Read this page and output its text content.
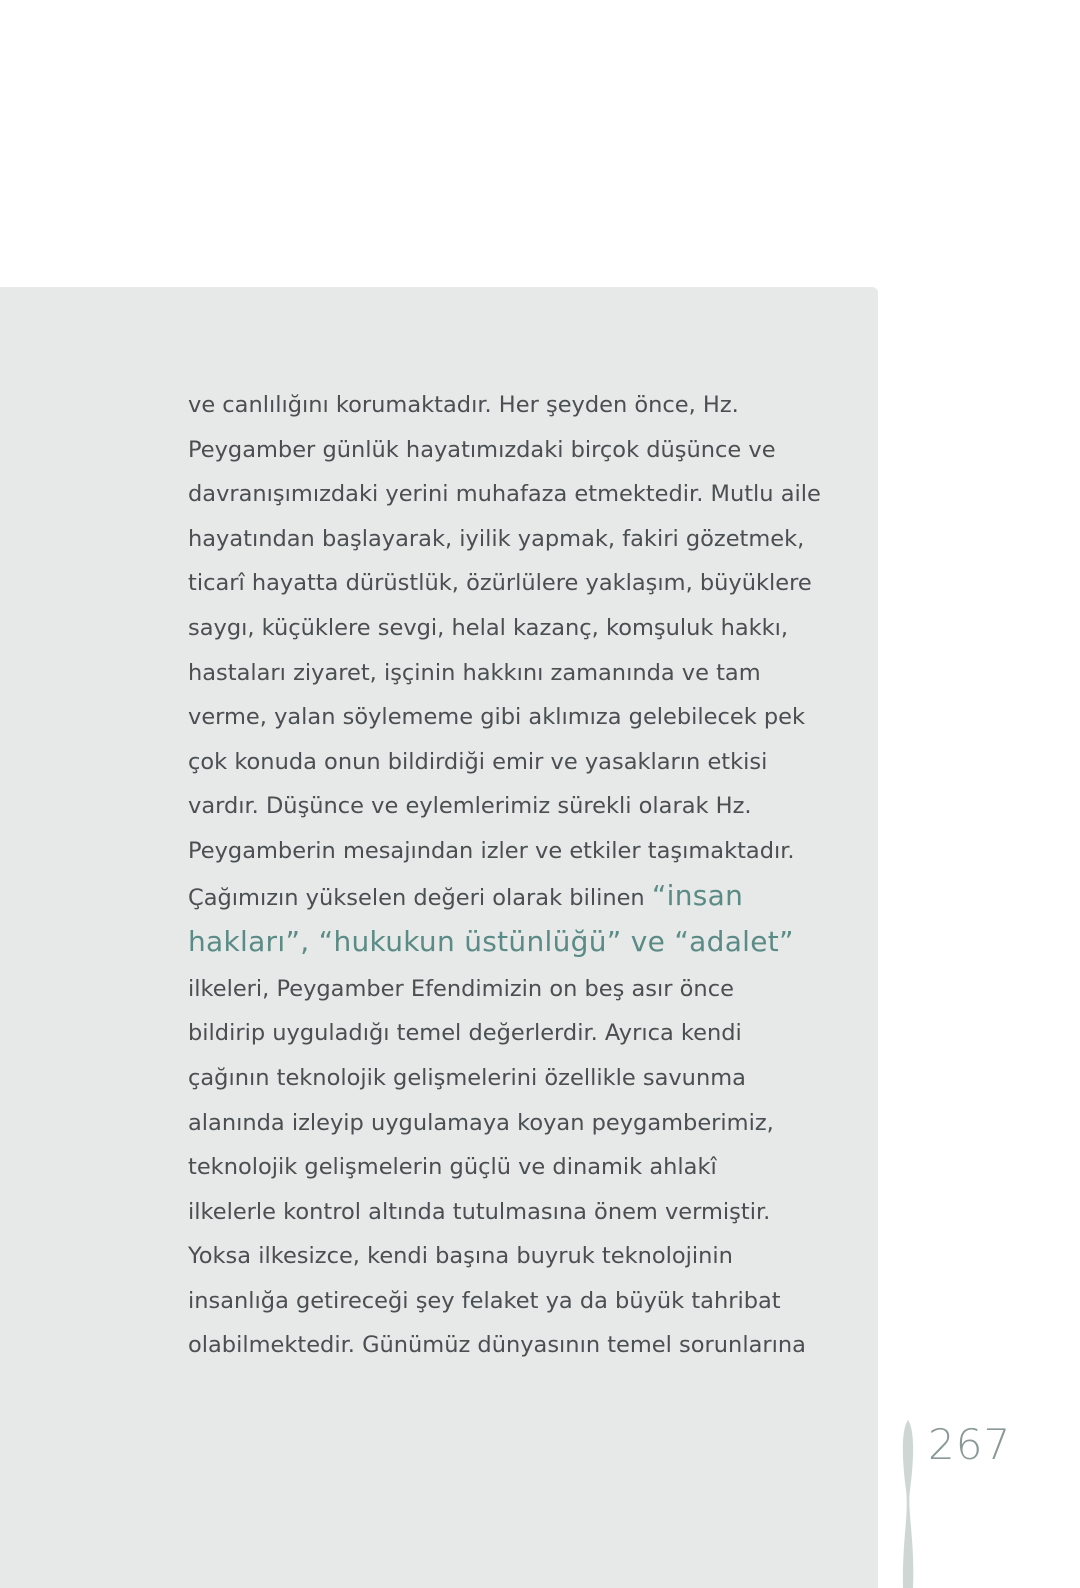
ve canlılığını korumaktadır. Her şeyden önce, Hz.
Peygamber günlük hayatımızdaki birçok düşünce ve
davranışımızdaki yerini muhafaza etmektedir. Mutlu aile
hayatından başlayarak, iyilik yapmak, fakiri gözetmek,
ticarî hayatta dürüstlük, özürlülere yaklaşım, büyüklere
saygı, küçüklere sevgi, helal kazanç, komşuluk hakkı,
hastaları ziyaret, işçinin hakkını zamanında ve tam
verme, yalan söylememe gibi aklımıza gelebilecek pek
çok konuda onun bildirdiği emir ve yasakların etkisi
vardır. Düşünce ve eylemlerimiz sürekli olarak Hz.
Peygamberin mesajından izler ve etkiler taşımaktadır.
Çağımızın yükselen değeri olarak bilinen “insan
hakları”, “hukukun üstünlüğü” ve “adalet”
ilkeleri, Peygamber Efendimizin on beş asır önce
bildirip uyguladığı temel değerlerdir. Ayrıca kendi
çağının teknolojik gelişmelerini özellikle savunma
alanında izleyip uygulamaya koyan peygamberimiz,
teknolojik gelişmelerin güçlü ve dinamik ahlakî
ilkelerle kontrol altında tutulmasına önem vermiştir.
Yoksa ilkesizce, kendi başına buyruk teknolojinin
insanlığa getireceği şey felaket ya da büyük tahribat
olabilmektedir. Günümüz dünyasının temel sorunlarına
267
